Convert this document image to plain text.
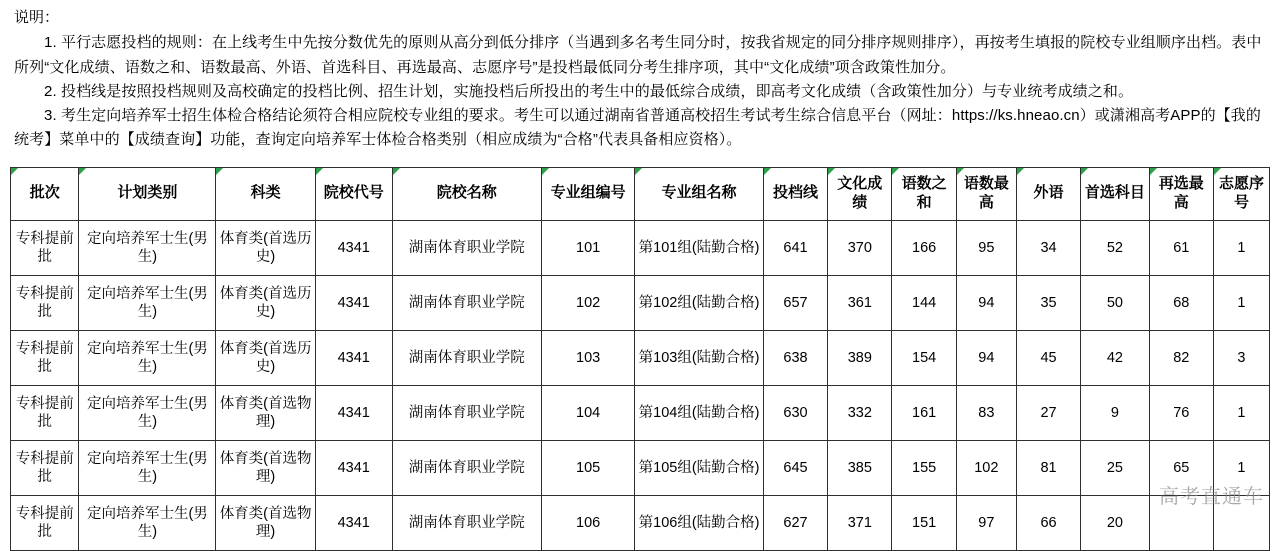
说明：

1. 平行志愿投档的规则：在上线考生中先按分数优先的原则从高分到低分排序（当遇到多名考生同分时，按我省规定的同分排序规则排序），再按考生填报的院校专业组顺序出档。表中所列“文化成绩、语数之和、语数最高、外语、首选科目、再选最高、志愿序号”是投档最低同分考生排序项，其中“文化成绩”项含政策性加分。

2. 投档线是按照投档规则及高校确定的投档比例、招生计划，实施投档后所投出的考生中的最低综合成绩，即高考文化成绩（含政策性加分）与专业统考成绩之和。

3. 考生定向培养军士招生体检合格结论须符合相应院校专业组的要求。考生可以通过湖南省普通高校招生考试考生综合信息平台（网址：https://ks.hneao.cn）或潇湘高考APP的【我的统考】菜单中的【成绩查询】功能，查询定向培养军士体检合格类别（相应成绩为“合格”代表具备相应资格）。

批次	计划类别	科类	院校代号	院校名称	专业组编号	专业组名称	投档线	文化成绩	语数之和	语数最高	外语	首选科目	再选最高	志愿序号
专科提前批	定向培养军士生(男生)	体育类(首选历史)	4341	湖南体育职业学院	101	第101组(陆勤合格)	641	370	166	95	34	52	61	1
专科提前批	定向培养军士生(男生)	体育类(首选历史)	4341	湖南体育职业学院	102	第102组(陆勤合格)	657	361	144	94	35	50	68	1
专科提前批	定向培养军士生(男生)	体育类(首选历史)	4341	湖南体育职业学院	103	第103组(陆勤合格)	638	389	154	94	45	42	82	3
专科提前批	定向培养军士生(男生)	体育类(首选物理)	4341	湖南体育职业学院	104	第104组(陆勤合格)	630	332	161	83	27	9	76	1
专科提前批	定向培养军士生(男生)	体育类(首选物理)	4341	湖南体育职业学院	105	第105组(陆勤合格)	645	385	155	102	81	25	65	1
专科提前批	定向培养军士生(男生)	体育类(首选物理)	4341	湖南体育职业学院	106	第106组(陆勤合格)	627	371	151	97	66	20		
高考直通车
